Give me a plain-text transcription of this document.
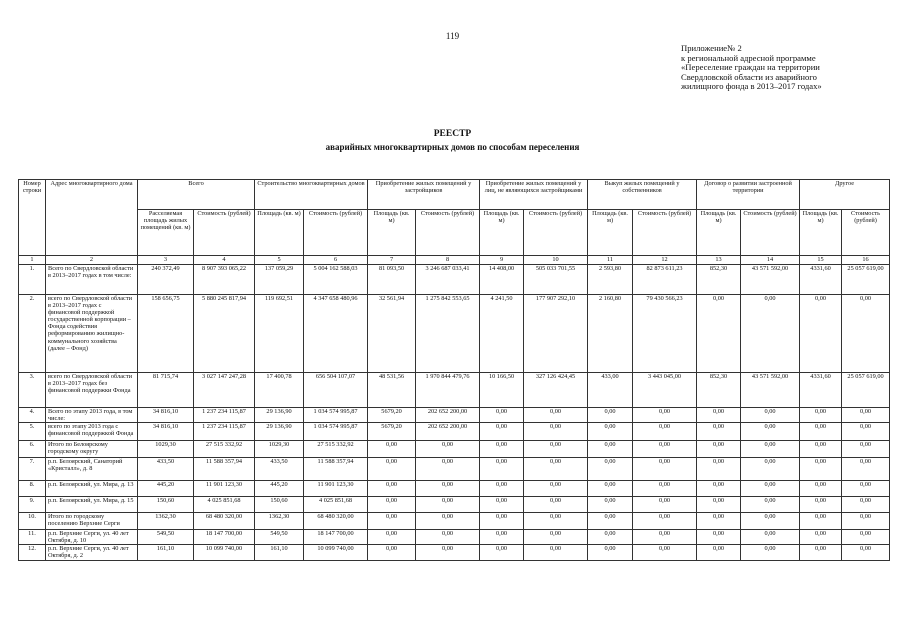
119
Приложение№ 2
к региональной адресной программе
«Переселение граждан на территории
Свердловской области из аварийного
жилищного фонда в 2013–2017 годах»
РЕЕСТР
аварийных многоквартирных домов по способам переселения
Номер строки	Адрес многоквартирного дома	Всего		Строительство многоквартирных домов		Приобретение жилых помещений у застройщиков		Приобретение жилых помещений у лиц, не являющихся застройщиками		Выкуп жилых помещений у собственников		Договор о развитии застроенной территории		Другое	
		Расселяемая площадь жилых помещений (кв. м)	Стоимость (рублей)	Площадь (кв. м)	Стоимость (рублей)	Площадь (кв. м)	Стоимость (рублей)	Площадь (кв. м)	Стоимость (рублей)	Площадь (кв. м)	Стоимость (рублей)	Площадь (кв. м)	Стоимость (рублей)	Площадь (кв. м)	Стоимость (рублей)
1	2	3	4	5	6	7	8	9	10	11	12	13	14	15	16
1.	Всего по Свердловской области в 2013–2017 годах в том числе:	240 372,49	8 907 393 065,22	137 059,29	5 004 162 588,03	81 093,50	3 246 687 033,41	14 408,00	505 033 701,55	2 593,80	82 873 611,23	852,30	43 571 592,00	4331,60	25 057 619,00
2.	всего по Свердловской области в 2013–2017 годах с финансовой поддержкой государственной корпорации – Фонда содействия реформированию жилищно-коммунального хозяйства (далее – Фонд)	158 656,75	5 880 245 817,94	119 692,51	4 347 658 480,96	32 561,94	1 275 842 553,65	4 241,50	177 907 292,10	2 160,80	79 430 566,23	0,00	0,00	0,00	0,00
3.	всего по Свердловской области в 2013–2017 годах без финансовой поддержки Фонда	81 715,74	3 027 147 247,28	17 400,78	656 504 107,07	48 531,56	1 970 844 479,76	10 166,50	327 126 424,45	433,00	3 443 045,00	852,30	43 571 592,00	4331,60	25 057 619,00
4.	Всего по этапу 2013 года, в том числе:	34 816,10	1 237 234 115,87	29 136,90	1 034 574 995,87	5679,20	202 652 200,00	0,00	0,00	0,00	0,00	0,00	0,00	0,00	0,00
5.	всего по этапу 2013 года с финансовой поддержкой Фонда	34 816,10	1 237 234 115,87	29 136,90	1 034 574 995,87	5679,20	202 652 200,00	0,00	0,00	0,00	0,00	0,00	0,00	0,00	0,00
6.	Итого по Белоярскому городскому округу	1029,30	27 515 332,92	1029,30	27 515 332,92	0,00	0,00	0,00	0,00	0,00	0,00	0,00	0,00	0,00	0,00
7.	р.п. Белоярский, Санаторий «Кристалл», д. 8	433,50	11 588 357,94	433,50	11 588 357,94	0,00	0,00	0,00	0,00	0,00	0,00	0,00	0,00	0,00	0,00
8.	р.п. Белоярский, ул. Мира, д. 13	445,20	11 901 123,30	445,20	11 901 123,30	0,00	0,00	0,00	0,00	0,00	0,00	0,00	0,00	0,00	0,00
9.	р.п. Белоярский, ул. Мира, д. 15	150,60	4 025 851,68	150,60	4 025 851,68	0,00	0,00	0,00	0,00	0,00	0,00	0,00	0,00	0,00	0,00
10.	Итого по городскому поселению Верхние Серги	1362,30	68 480 320,00	1362,30	68 480 320,00	0,00	0,00	0,00	0,00	0,00	0,00	0,00	0,00	0,00	0,00
11.	р.п. Верхние Серги, ул. 40 лет Октября, д. 10	549,50	18 147 700,00	549,50	18 147 700,00	0,00	0,00	0,00	0,00	0,00	0,00	0,00	0,00	0,00	0,00
12.	р.п. Верхние Серги, ул. 40 лет Октября, д. 2	161,10	10 099 740,00	161,10	10 099 740,00	0,00	0,00	0,00	0,00	0,00	0,00	0,00	0,00	0,00	0,00
